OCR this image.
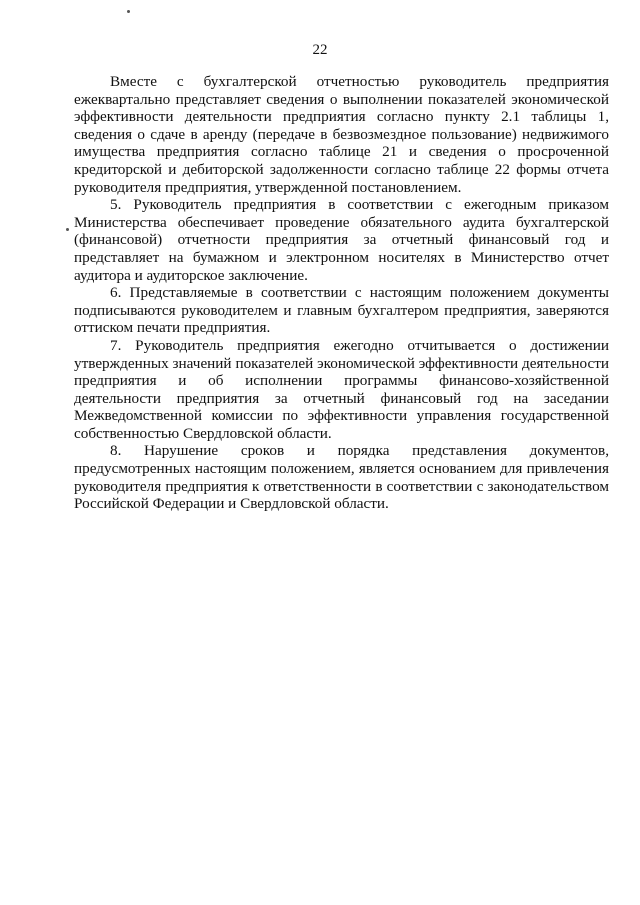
22

Вместе с бухгалтерской отчетностью руководитель предприятия ежеквартально представляет сведения о выполнении показателей экономической эффективности деятельности предприятия согласно пункту 2.1 таблицы 1, сведения о сдаче в аренду (передаче в безвозмездное пользование) недвижимого имущества предприятия согласно таблице 21 и сведения о просроченной кредиторской и дебиторской задолженности согласно таблице 22 формы отчета руководителя предприятия, утвержденной постановлением.

5. Руководитель предприятия в соответствии с ежегодным приказом Министерства обеспечивает проведение обязательного аудита бухгалтерской (финансовой) отчетности предприятия за отчетный финансовый год и представляет на бумажном и электронном носителях в Министерство отчет аудитора и аудиторское заключение.

6. Представляемые в соответствии с настоящим положением документы подписываются руководителем и главным бухгалтером предприятия, заверяются оттиском печати предприятия.

7. Руководитель предприятия ежегодно отчитывается о достижении утвержденных значений показателей экономической эффективности деятельности предприятия и об исполнении программы финансово-хозяйственной деятельности предприятия за отчетный финансовый год на заседании Межведомственной комиссии по эффективности управления государственной собственностью Свердловской области.

8. Нарушение сроков и порядка представления документов, предусмотренных настоящим положением, является основанием для привлечения руководителя предприятия к ответственности в соответствии с законодательством Российской Федерации и Свердловской области.
